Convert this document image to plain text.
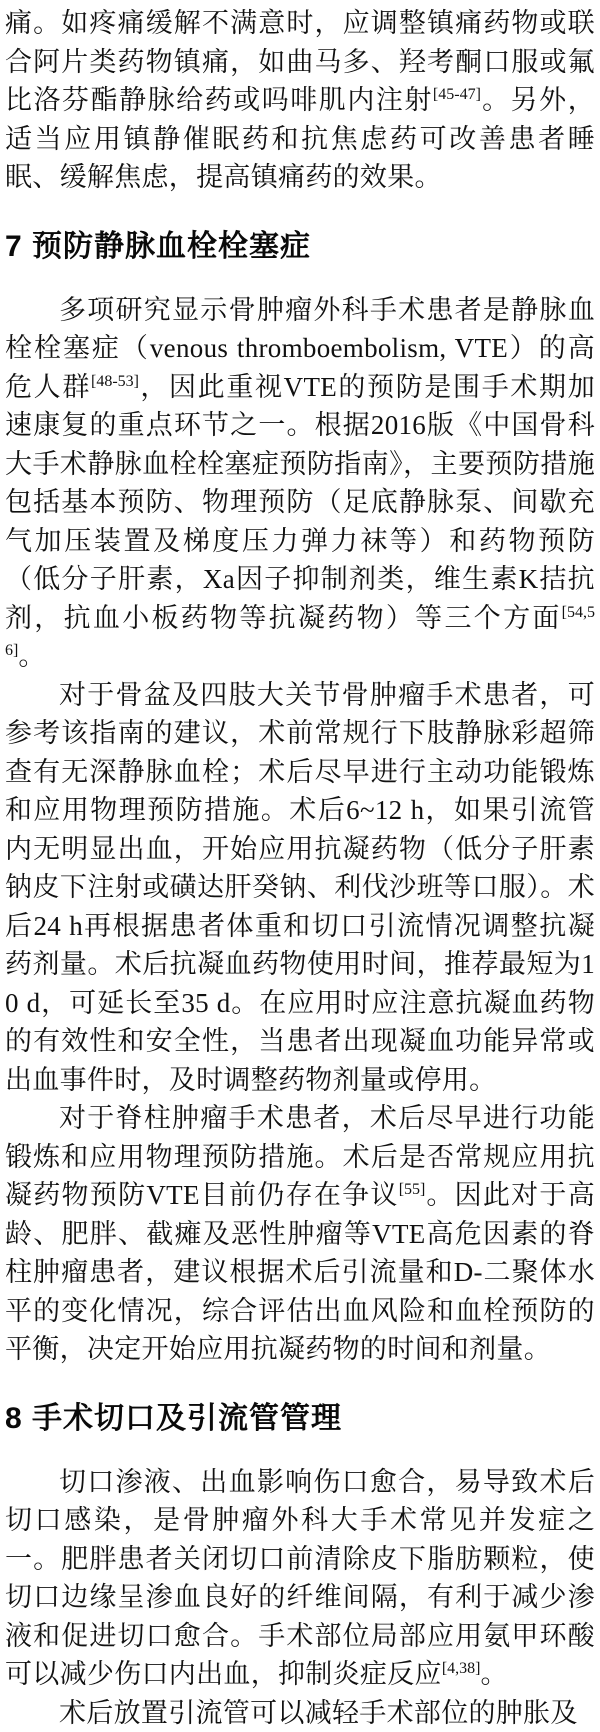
痛。如疼痛缓解不满意时，应调整镇痛药物或联合阿片类药物镇痛，如曲马多、羟考酮口服或氟比洛芬酯静脉给药或吗啡肌内注射[45-47]。另外，适当应用镇静催眠药和抗焦虑药可改善患者睡眠、缓解焦虑，提高镇痛药的效果。

7 预防静脉血栓栓塞症

多项研究显示骨肿瘤外科手术患者是静脉血栓栓塞症（venous thromboembolism, VTE）的高危人群[48-53]，因此重视VTE的预防是围手术期加速康复的重点环节之一。根据2016版《中国骨科大手术静脉血栓栓塞症预防指南》，主要预防措施包括基本预防、物理预防（足底静脉泵、间歇充气加压装置及梯度压力弹力袜等）和药物预防（低分子肝素，Xa因子抑制剂类，维生素K拮抗剂，抗血小板药物等抗凝药物）等三个方面[54,56]。

对于骨盆及四肢大关节骨肿瘤手术患者，可参考该指南的建议，术前常规行下肢静脉彩超筛查有无深静脉血栓；术后尽早进行主动功能锻炼和应用物理预防措施。术后6~12 h，如果引流管内无明显出血，开始应用抗凝药物（低分子肝素钠皮下注射或磺达肝癸钠、利伐沙班等口服）。术后24 h再根据患者体重和切口引流情况调整抗凝药剂量。术后抗凝血药物使用时间，推荐最短为10 d，可延长至35 d。在应用时应注意抗凝血药物的有效性和安全性，当患者出现凝血功能异常或出血事件时，及时调整药物剂量或停用。

对于脊柱肿瘤手术患者，术后尽早进行功能锻炼和应用物理预防措施。术后是否常规应用抗凝药物预防VTE目前仍存在争议[55]。因此对于高龄、肥胖、截瘫及恶性肿瘤等VTE高危因素的脊柱肿瘤患者，建议根据术后引流量和D-二聚体水平的变化情况，综合评估出血风险和血栓预防的平衡，决定开始应用抗凝药物的时间和剂量。

8 手术切口及引流管管理

切口渗液、出血影响伤口愈合，易导致术后切口感染，是骨肿瘤外科大手术常见并发症之一。肥胖患者关闭切口前清除皮下脂肪颗粒，使切口边缘呈渗血良好的纤维间隔，有利于减少渗液和促进切口愈合。手术部位局部应用氨甲环酸可以减少伤口内出血，抑制炎症反应[4,38]。

术后放置引流管可以减轻手术部位的肿胀及
